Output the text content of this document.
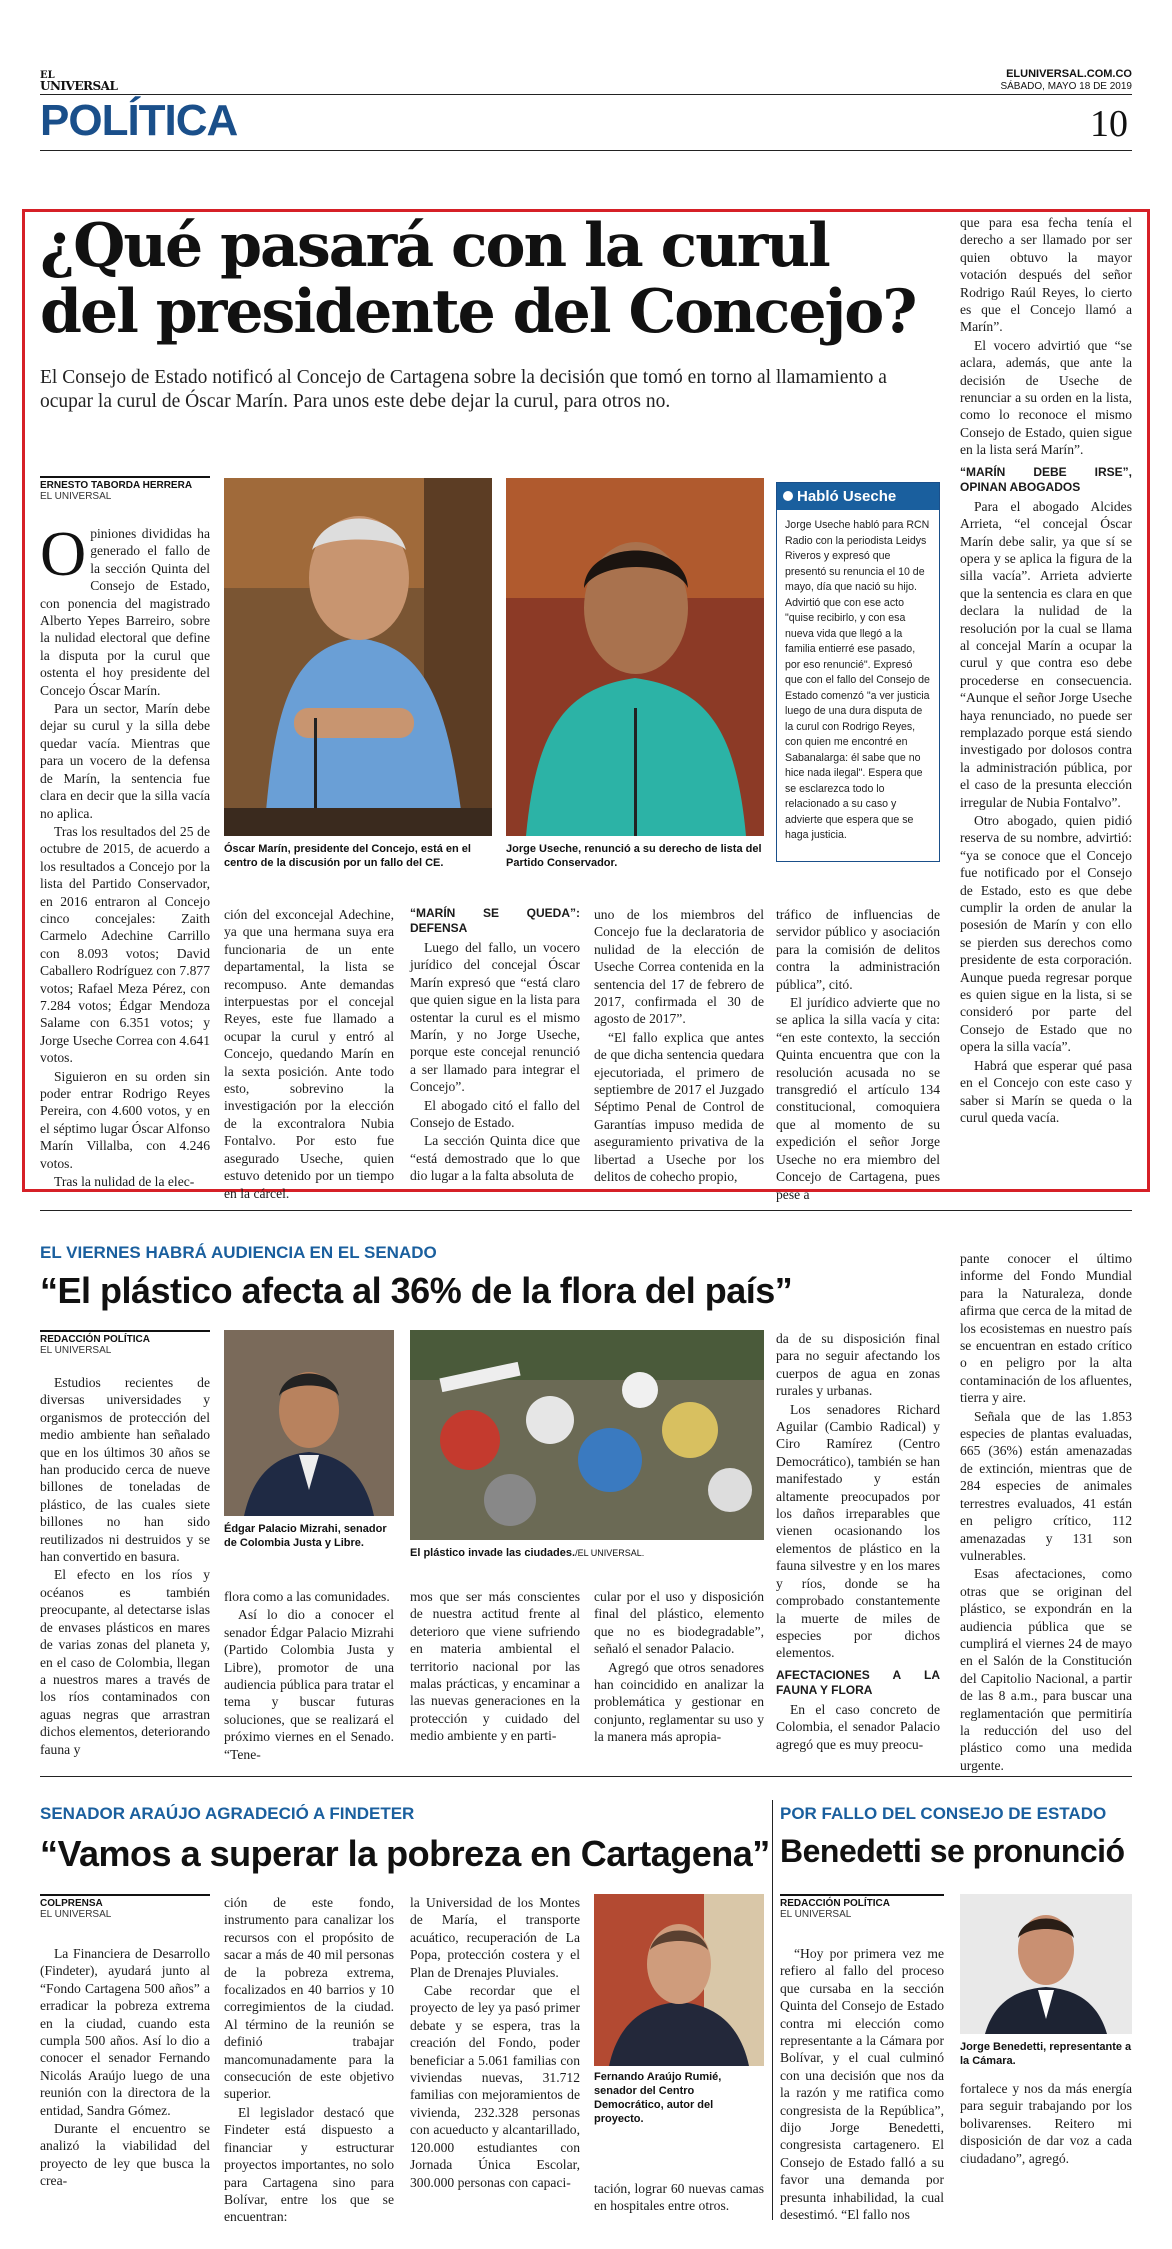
EL
UNIVERSAL
ELUNIVERSAL.COM.CO
SÁBADO, MAYO 18 DE 2019
POLÍTICA	10
¿Qué pasará con la curul
del presidente del Concejo?
El Consejo de Estado notificó al Concejo de Cartagena sobre la decisión que tomó en torno al llamamiento a ocupar la curul de Óscar Marín. Para unos este debe dejar la curul, para otros no.
ERNESTO TABORDA HERRERA
EL UNIVERSAL

Opiniones divididas ha generado el fallo de la sección Quinta del Consejo de Estado, con ponencia del magistrado Alberto Yepes Barreiro, sobre la nulidad electoral que define la disputa por la curul que ostenta el hoy presidente del Concejo Óscar Marín.

Para un sector, Marín debe dejar su curul y la silla debe quedar vacía. Mientras que para un vocero de la defensa de Marín, la sentencia fue clara en decir que la silla vacía no aplica.

Tras los resultados del 25 de octubre de 2015, de acuerdo a los resultados a Concejo por la lista del Partido Conservador, en 2016 entraron al Concejo cinco concejales: Zaith Carmelo Adechine Carrillo con 8.093 votos; David Caballero Rodríguez con 7.877 votos; Rafael Meza Pérez, con 7.284 votos; Édgar Mendoza Salame con 6.351 votos; y Jorge Useche Correa con 4.641 votos.

Siguieron en su orden sin poder entrar Rodrigo Reyes Pereira, con 4.600 votos, y en el séptimo lugar Óscar Alfonso Marín Villalba, con 4.246 votos.

Tras la nulidad de la elec-

Óscar Marín, presidente del Concejo, está en el centro de la discusión por un fallo del CE.
Jorge Useche, renunció a su derecho de lista del Partido Conservador.
Habló Useche
Jorge Useche habló para RCN Radio con la periodista Leidys Riveros y expresó que presentó su renuncia el 10 de mayo, día que nació su hijo. Advirtió que con ese acto "quise recibirlo, y con esa nueva vida que llegó a la familia entierré ese pasado, por eso renuncié". Expresó que con el fallo del Consejo de Estado comenzó "a ver justicia luego de una dura disputa de la curul con Rodrigo Reyes, con quien me encontré en Sabanalarga: él sabe que no hice nada ilegal". Espera que se esclarezca todo lo relacionado a su caso y advierte que espera que se haga justicia.

ción del exconcejal Adechine, ya que una hermana suya era funcionaria de un ente departamental, la lista se recompuso. Ante demandas interpuestas por el concejal Reyes, este fue llamado a ocupar la curul y entró al Concejo, quedando Marín en la sexta posición. Ante todo esto, sobrevino la investigación por la elección de la excontralora Nubia Fontalvo. Por esto fue asegurado Useche, quien estuvo detenido por un tiempo en la cárcel.

“MARÍN SE QUEDA”: DEFENSA

Luego del fallo, un vocero jurídico del concejal Óscar Marín expresó que “está claro que quien sigue en la lista para ostentar la curul es el mismo Marín, y no Jorge Useche, porque este concejal renunció a ser llamado para integrar el Concejo”.

El abogado citó el fallo del Consejo de Estado.

La sección Quinta dice que “está demostrado que lo que dio lugar a la falta absoluta de

uno de los miembros del Concejo fue la declaratoria de nulidad de la elección de Useche Correa contenida en la sentencia del 17 de febrero de 2017, confirmada el 30 de agosto de 2017”.

“El fallo explica que antes de que dicha sentencia quedara ejecutoriada, el primero de septiembre de 2017 el Juzgado Séptimo Penal de Control de Garantías impuso medida de aseguramiento privativa de la libertad a Useche por los delitos de cohecho propio,

tráfico de influencias de servidor público y asociación para la comisión de delitos contra la administración pública”, citó.

El jurídico advierte que no se aplica la silla vacía y cita: “en este contexto, la sección Quinta encuentra que con la resolución acusada no se transgredió el artículo 134 constitucional, comoquiera que al momento de su expedición el señor Jorge Useche no era miembro del Concejo de Cartagena, pues pese a

que para esa fecha tenía el derecho a ser llamado por ser quien obtuvo la mayor votación después del señor Rodrigo Raúl Reyes, lo cierto es que el Concejo llamó a Marín”.

El vocero advirtió que “se aclara, además, que ante la decisión de Useche de renunciar a su orden en la lista, como lo reconoce el mismo Consejo de Estado, quien sigue en la lista será Marín”.

“MARÍN DEBE IRSE”, OPINAN ABOGADOS

Para el abogado Alcides Arrieta, “el concejal Óscar Marín debe salir, ya que sí se opera y se aplica la figura de la silla vacía”. Arrieta advierte que la sentencia es clara en que declara la nulidad de la resolución por la cual se llama al concejal Marín a ocupar la curul y que contra eso debe procederse en consecuencia. “Aunque el señor Jorge Useche haya renunciado, no puede ser remplazado porque está siendo investigado por dolosos contra la administración pública, por el caso de la presunta elección irregular de Nubia Fontalvo”.

Otro abogado, quien pidió reserva de su nombre, advirtió: “ya se conoce que el Concejo fue notificado por el Consejo de Estado, esto es que debe cumplir la orden de anular la posesión de Marín y con ello se pierden sus derechos como presidente de esta corporación. Aunque pueda regresar porque es quien sigue en la lista, si se consideró por parte del Consejo de Estado que no opera la silla vacía”.

Habrá que esperar qué pasa en el Concejo con este caso y saber si Marín se queda o la curul queda vacía.

EL VIERNES HABRÁ AUDIENCIA EN EL SENADO
“El plástico afecta al 36% de la flora del país”
REDACCIÓN POLÍTICA
EL UNIVERSAL

Estudios recientes de diversas universidades y organismos de protección del medio ambiente han señalado que en los últimos 30 años se han producido cerca de nueve billones de toneladas de plástico, de las cuales siete billones no han sido reutilizados ni destruidos y se han convertido en basura.

El efecto en los ríos y océanos es también preocupante, al detectarse islas de envases plásticos en mares de varias zonas del planeta y, en el caso de Colombia, llegan a nuestros mares a través de los ríos contaminados con aguas negras que arrastran dichos elementos, deteriorando fauna y

Édgar Palacio Mizrahi, senador de Colombia Justa y Libre.
El plástico invade las ciudades./EL UNIVERSAL.

flora como a las comunidades.

Así lo dio a conocer el senador Édgar Palacio Mizrahi (Partido Colombia Justa y Libre), promotor de una audiencia pública para tratar el tema y buscar futuras soluciones, que se realizará el próximo viernes en el Senado. “Tene-

mos que ser más conscientes de nuestra actitud frente al deterioro que viene sufriendo en materia ambiental el territorio nacional por las malas prácticas, y encaminar a las nuevas generaciones en la protección y cuidado del medio ambiente y en parti-

cular por el uso y disposición final del plástico, elemento que no es biodegradable”, señaló el senador Palacio.

Agregó que otros senadores han coincidido en analizar la problemática y gestionar en conjunto, reglamentar su uso y la manera más apropia-

da de su disposición final para no seguir afectando los cuerpos de agua en zonas rurales y urbanas.

Los senadores Richard Aguilar (Cambio Radical) y Ciro Ramírez (Centro Democrático), también se han manifestado y están altamente preocupados por los daños irreparables que vienen ocasionando los elementos de plástico en la fauna silvestre y en los mares y ríos, donde se ha comprobado constantemente la muerte de miles de especies por dichos elementos.

AFECTACIONES A LA FAUNA Y FLORA

En el caso concreto de Colombia, el senador Palacio agregó que es muy preocu-

pante conocer el último informe del Fondo Mundial para la Naturaleza, donde afirma que cerca de la mitad de los ecosistemas en nuestro país se encuentran en estado crítico o en peligro por la alta contaminación de los afluentes, tierra y aire.

Señala que de las 1.853 especies de plantas evaluadas, 665 (36%) están amenazadas de extinción, mientras que de 284 especies de animales terrestres evaluados, 41 están en peligro crítico, 112 amenazadas y 131 son vulnerables.

Esas afectaciones, como otras que se originan del plástico, se expondrán en la audiencia pública que se cumplirá el viernes 24 de mayo en el Salón de la Constitución del Capitolio Nacional, a partir de las 8 a.m., para buscar una reglamentación que permitiría la reducción del uso del plástico como una medida urgente.

SENADOR ARAÚJO AGRADECIÓ A FINDETER
“Vamos a superar la pobreza en Cartagena”
COLPRENSA
EL UNIVERSAL

La Financiera de Desarrollo (Findeter), ayudará junto al “Fondo Cartagena 500 años” a erradicar la pobreza extrema en la ciudad, cuando esta cumpla 500 años. Así lo dio a conocer el senador Fernando Nicolás Araújo luego de una reunión con la directora de la entidad, Sandra Gómez.

Durante el encuentro se analizó la viabilidad del proyecto de ley que busca la crea-

ción de este fondo, instrumento para canalizar los recursos con el propósito de sacar a más de 40 mil personas de la pobreza extrema, focalizados en 40 barrios y 10 corregimientos de la ciudad. Al término de la reunión se definió trabajar mancomunadamente para la consecución de este objetivo superior.

El legislador destacó que Findeter está dispuesto a financiar y estructurar proyectos importantes, no solo para Cartagena sino para Bolívar, entre los que se encuentran:

la Universidad de los Montes de María, el transporte acuático, recuperación de La Popa, protección costera y el Plan de Drenajes Pluviales.

Cabe recordar que el proyecto de ley ya pasó primer debate y se espera, tras la creación del Fondo, poder beneficiar a 5.061 familias con viviendas nuevas, 31.712 familias con mejoramientos de vivienda, 232.328 personas con acueducto y alcantarillado, 120.000 estudiantes con Jornada Única Escolar, 300.000 personas con capaci-

Fernando Araújo Rumié, senador del Centro Democrático, autor del proyecto.

tación, lograr 60 nuevas camas en hospitales entre otros.

POR FALLO DEL CONSEJO DE ESTADO
Benedetti se pronunció
REDACCIÓN POLÍTICA
EL UNIVERSAL

“Hoy por primera vez me refiero al fallo del proceso que cursaba en la sección Quinta del Consejo de Estado contra mi elección como representante a la Cámara por Bolívar, y el cual culminó con una decisión que nos da la razón y me ratifica como congresista de la República”, dijo Jorge Benedetti, congresista cartagenero. El Consejo de Estado falló a su favor una demanda por presunta inhabilidad, la cual desestimó. “El fallo nos

Jorge Benedetti, representante a la Cámara.

fortalece y nos da más energía para seguir trabajando por los bolivarenses. Reitero mi disposición de dar voz a cada ciudadano”, agregó.
